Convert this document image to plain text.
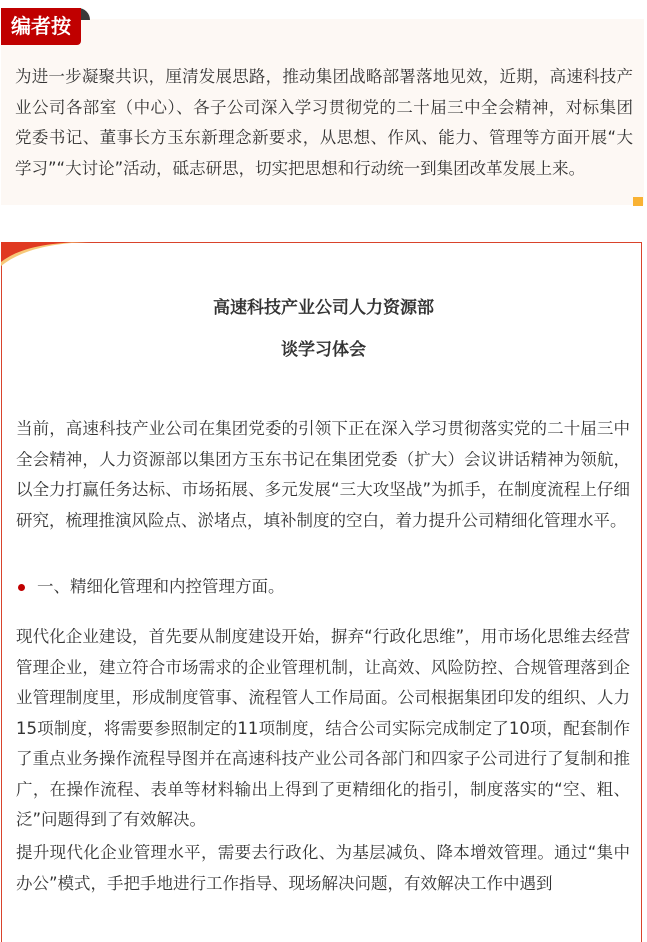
编者按
为进一步凝聚共识，厘清发展思路，推动集团战略部署落地见效，近期，高速科技产业公司各部室（中心）、各子公司深入学习贯彻党的二十届三中全会精神，对标集团党委书记、董事长方玉东新理念新要求，从思想、作风、能力、管理等方面开展“大学习”“大讨论”活动，砥志研思，切实把思想和行动统一到集团改革发展上来。
高速科技产业公司人力资源部
谈学习体会
当前，高速科技产业公司在集团党委的引领下正在深入学习贯彻落实党的二十届三中全会精神，人力资源部以集团方玉东书记在集团党委（扩大）会议讲话精神为领航，以全力打赢任务达标、市场拓展、多元发展“三大攻坚战”为抓手，在制度流程上仔细研究，梳理推演风险点、淤堵点，填补制度的空白，着力提升公司精细化管理水平。
一、精细化管理和内控管理方面。
现代化企业建设，首先要从制度建设开始，摒弃“行政化思维”，用市场化思维去经营管理企业，建立符合市场需求的企业管理机制，让高效、风险防控、合规管理落到企业管理制度里，形成制度管事、流程管人工作局面。公司根据集团印发的组织、人力15项制度，将需要参照制定的11项制度，结合公司实际完成制定了10项，配套制作了重点业务操作流程导图并在高速科技产业公司各部门和四家子公司进行了复制和推广，在操作流程、表单等材料输出上得到了更精细化的指引，制度落实的“空、粗、泛”问题得到了有效解决。
提升现代化企业管理水平，需要去行政化、为基层减负、降本增效管理。通过“集中办公”模式，手把手地进行工作指导、现场解决问题，有效解决工作中遇到
